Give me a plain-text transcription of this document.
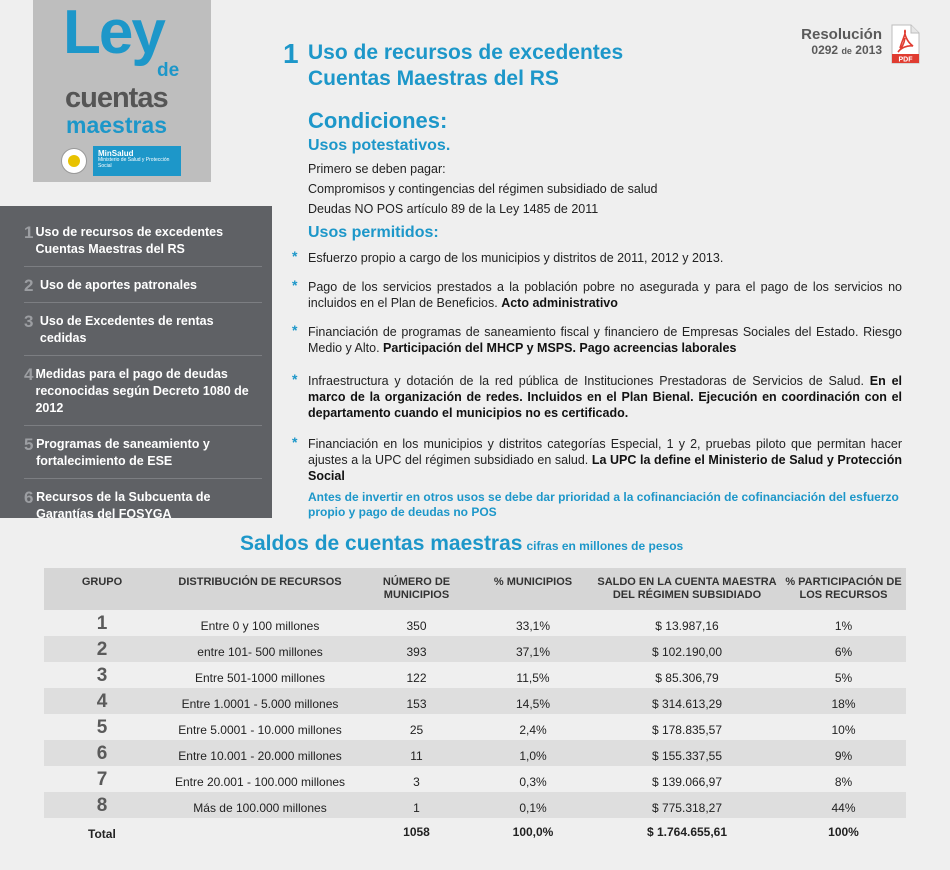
Ley
de
cuentas
maestras
MinSalud
Ministerio de Salud y Protección Social
1 Uso de recursos de excedentes Cuentas Maestras del RS
2 Uso de aportes patronales
3 Uso de Excedentes de rentas cedidas
4 Medidas para el pago de deudas reconocidas según Decreto 1080 de 2012
5 Programas de saneamiento y fortalecimiento de ESE
6 Recursos de la Subcuenta de Garantías del FOSYGA
Resolución
0292 de 2013
PDF
1 Uso de recursos de excedentes
Cuentas Maestras del RS
Condiciones:
Usos potestativos.
Primero se deben pagar:
Compromisos y contingencias del régimen subsidiado de salud
Deudas NO POS artículo 89 de la Ley 1485 de 2011
Usos permitidos:
* Esfuerzo propio a cargo de los municipios y distritos de 2011, 2012 y 2013.
* Pago de los servicios prestados a la población pobre no asegurada y para el pago de los servicios no incluidos en el Plan de Beneficios. Acto administrativo
* Financiación de programas de saneamiento fiscal y financiero de Empresas Sociales del Estado. Riesgo Medio y Alto. Participación del MHCP y MSPS. Pago acreencias laborales
* Infraestructura y dotación de la red pública de Instituciones Prestadoras de Servicios de Salud. En el marco de la organización de redes. Incluidos en el Plan Bienal. Ejecución en coordinación con el departamento cuando el municipios no es certificado.
* Financiación en los municipios y distritos categorías Especial, 1 y 2, pruebas piloto que permitan hacer ajustes a la UPC del régimen subsidiado en salud. La UPC la define el Ministerio de Salud y Protección Social
Antes de invertir en otros usos se debe dar prioridad a la cofinanciación de cofinanciación del esfuerzo propio y pago de deudas no POS
Saldos de cuentas maestras cifras en millones de pesos
GRUPO	DISTRIBUCIÓN DE RECURSOS	NÚMERO DE MUNICIPIOS	% MUNICIPIOS	SALDO EN LA CUENTA MAESTRA DEL RÉGIMEN SUBSIDIADO	% PARTICIPACIÓN DE LOS RECURSOS
1	Entre 0 y 100 millones	350	33,1%	$ 13.987,16	1%
2	entre 101- 500 millones	393	37,1%	$ 102.190,00	6%
3	Entre 501-1000 millones	122	11,5%	$ 85.306,79	5%
4	Entre 1.0001 - 5.000 millones	153	14,5%	$ 314.613,29	18%
5	Entre 5.0001 - 10.000 millones	25	2,4%	$ 178.835,57	10%
6	Entre 10.001 - 20.000 millones	11	1,0%	$ 155.337,55	9%
7	Entre 20.001 - 100.000 millones	3	0,3%	$ 139.066,97	8%
8	Más de 100.000 millones	1	0,1%	$ 775.318,27	44%
Total		1058	100,0%	$ 1.764.655,61	100%
